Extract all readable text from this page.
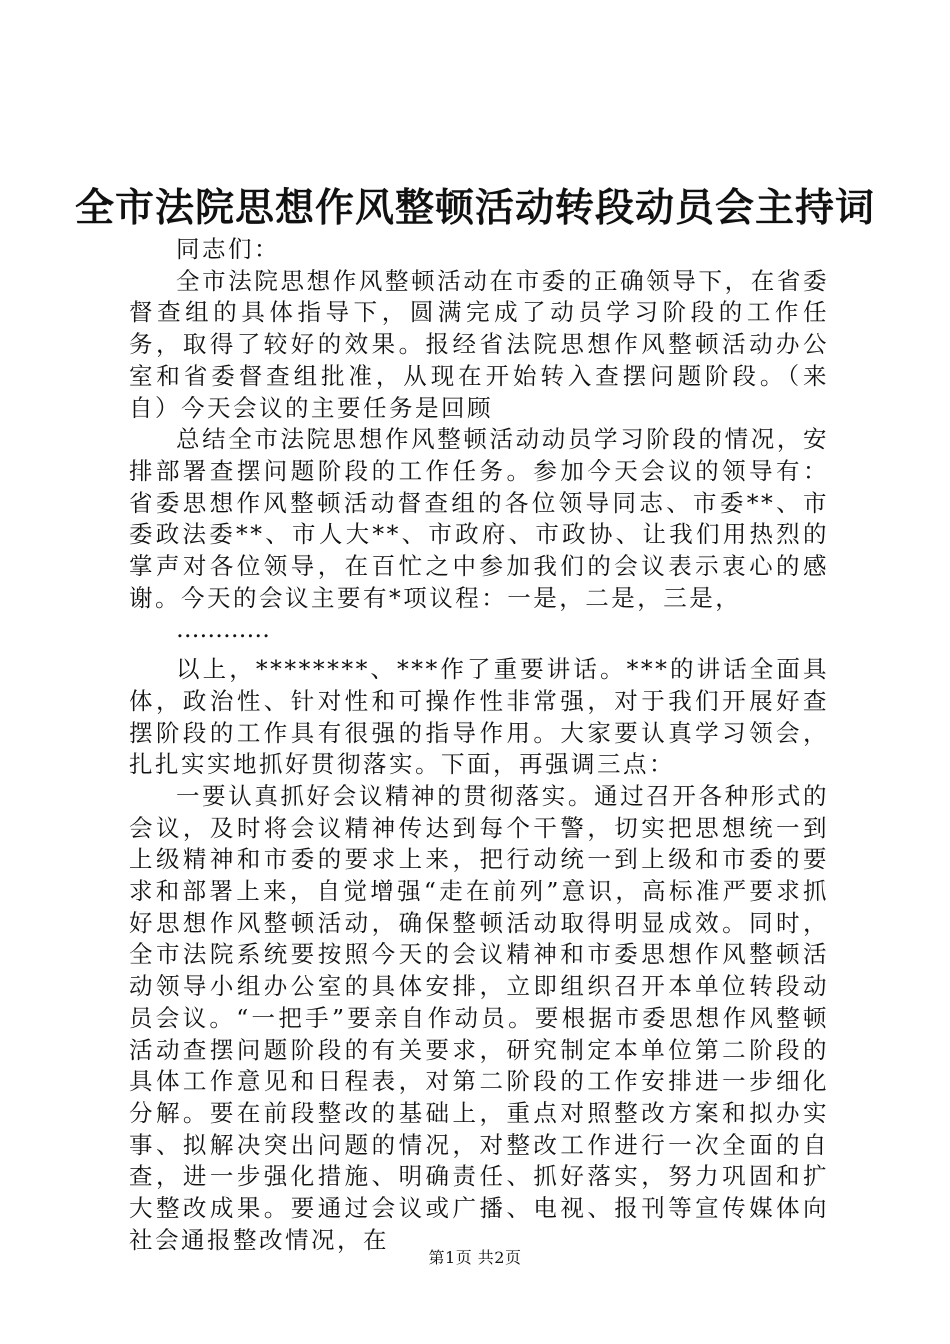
全市法院思想作风整顿活动转段动员会主持词

同志们：

全市法院思想作风整顿活动在市委的正确领导下，在省委督查组的具体指导下，圆满完成了动员学习阶段的工作任务，取得了较好的效果。报经省法院思想作风整顿活动办公室和省委督查组批准，从现在开始转入查摆问题阶段。（来自）今天会议的主要任务是回顾

总结全市法院思想作风整顿活动动员学习阶段的情况，安排部署查摆问题阶段的工作任务。参加今天会议的领导有：省委思想作风整顿活动督查组的各位领导同志、市委**、市委政法委**、市人大**、市政府、市政协、让我们用热烈的掌声对各位领导，在百忙之中参加我们的会议表示衷心的感谢。今天的会议主要有*项议程：一是，二是，三是，

…………

以上，********、***作了重要讲话。***的讲话全面具体，政治性、针对性和可操作性非常强，对于我们开展好查摆阶段的工作具有很强的指导作用。大家要认真学习领会，扎扎实实地抓好贯彻落实。下面，再强调三点：

一要认真抓好会议精神的贯彻落实。通过召开各种形式的会议，及时将会议精神传达到每个干警，切实把思想统一到上级精神和市委的要求上来，把行动统一到上级和市委的要求和部署上来，自觉增强“走在前列”意识，高标准严要求抓好思想作风整顿活动，确保整顿活动取得明显成效。同时，全市法院系统要按照今天的会议精神和市委思想作风整顿活动领导小组办公室的具体安排，立即组织召开本单位转段动员会议。“一把手”要亲自作动员。要根据市委思想作风整顿活动查摆问题阶段的有关要求，研究制定本单位第二阶段的具体工作意见和日程表，对第二阶段的工作安排进一步细化分解。要在前段整改的基础上，重点对照整改方案和拟办实事、拟解决突出问题的情况，对整改工作进行一次全面的自查，进一步强化措施、明确责任、抓好落实，努力巩固和扩大整改成果。要通过会议或广播、电视、报刊等宣传媒体向社会通报整改情况，在

第1页 共2页
